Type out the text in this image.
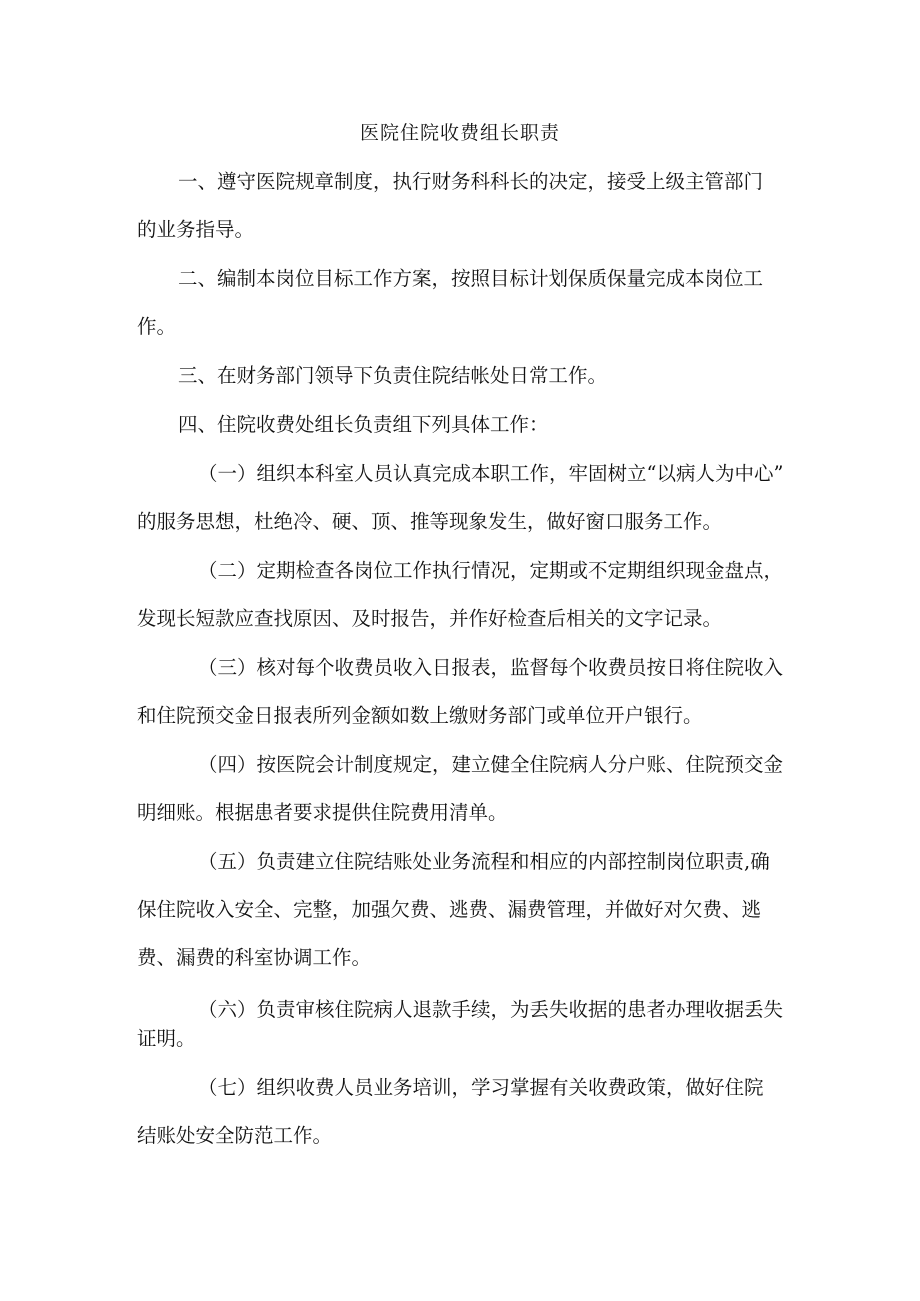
医院住院收费组长职责
一、遵守医院规章制度，执行财务科科长的决定，接受上级主管部门
的业务指导。
二、编制本岗位目标工作方案，按照目标计划保质保量完成本岗位工
作。
三、在财务部门领导下负责住院结帐处日常工作。
四、住院收费处组长负责组下列具体工作：
（一）组织本科室人员认真完成本职工作，牢固树立“以病人为中心”
的服务思想，杜绝冷、硬、顶、推等现象发生，做好窗口服务工作。
（二）定期检查各岗位工作执行情况，定期或不定期组织现金盘点，
发现长短款应查找原因、及时报告，并作好检查后相关的文字记录。
（三）核对每个收费员收入日报表，监督每个收费员按日将住院收入
和住院预交金日报表所列金额如数上缴财务部门或单位开户银行。
（四）按医院会计制度规定，建立健全住院病人分户账、住院预交金
明细账。根据患者要求提供住院费用清单。
（五）负责建立住院结账处业务流程和相应的内部控制岗位职责,确
保住院收入安全、完整，加强欠费、逃费、漏费管理，并做好对欠费、逃
费、漏费的科室协调工作。
（六）负责审核住院病人退款手续，为丢失收据的患者办理收据丢失
证明。
（七）组织收费人员业务培训，学习掌握有关收费政策，做好住院
结账处安全防范工作。
